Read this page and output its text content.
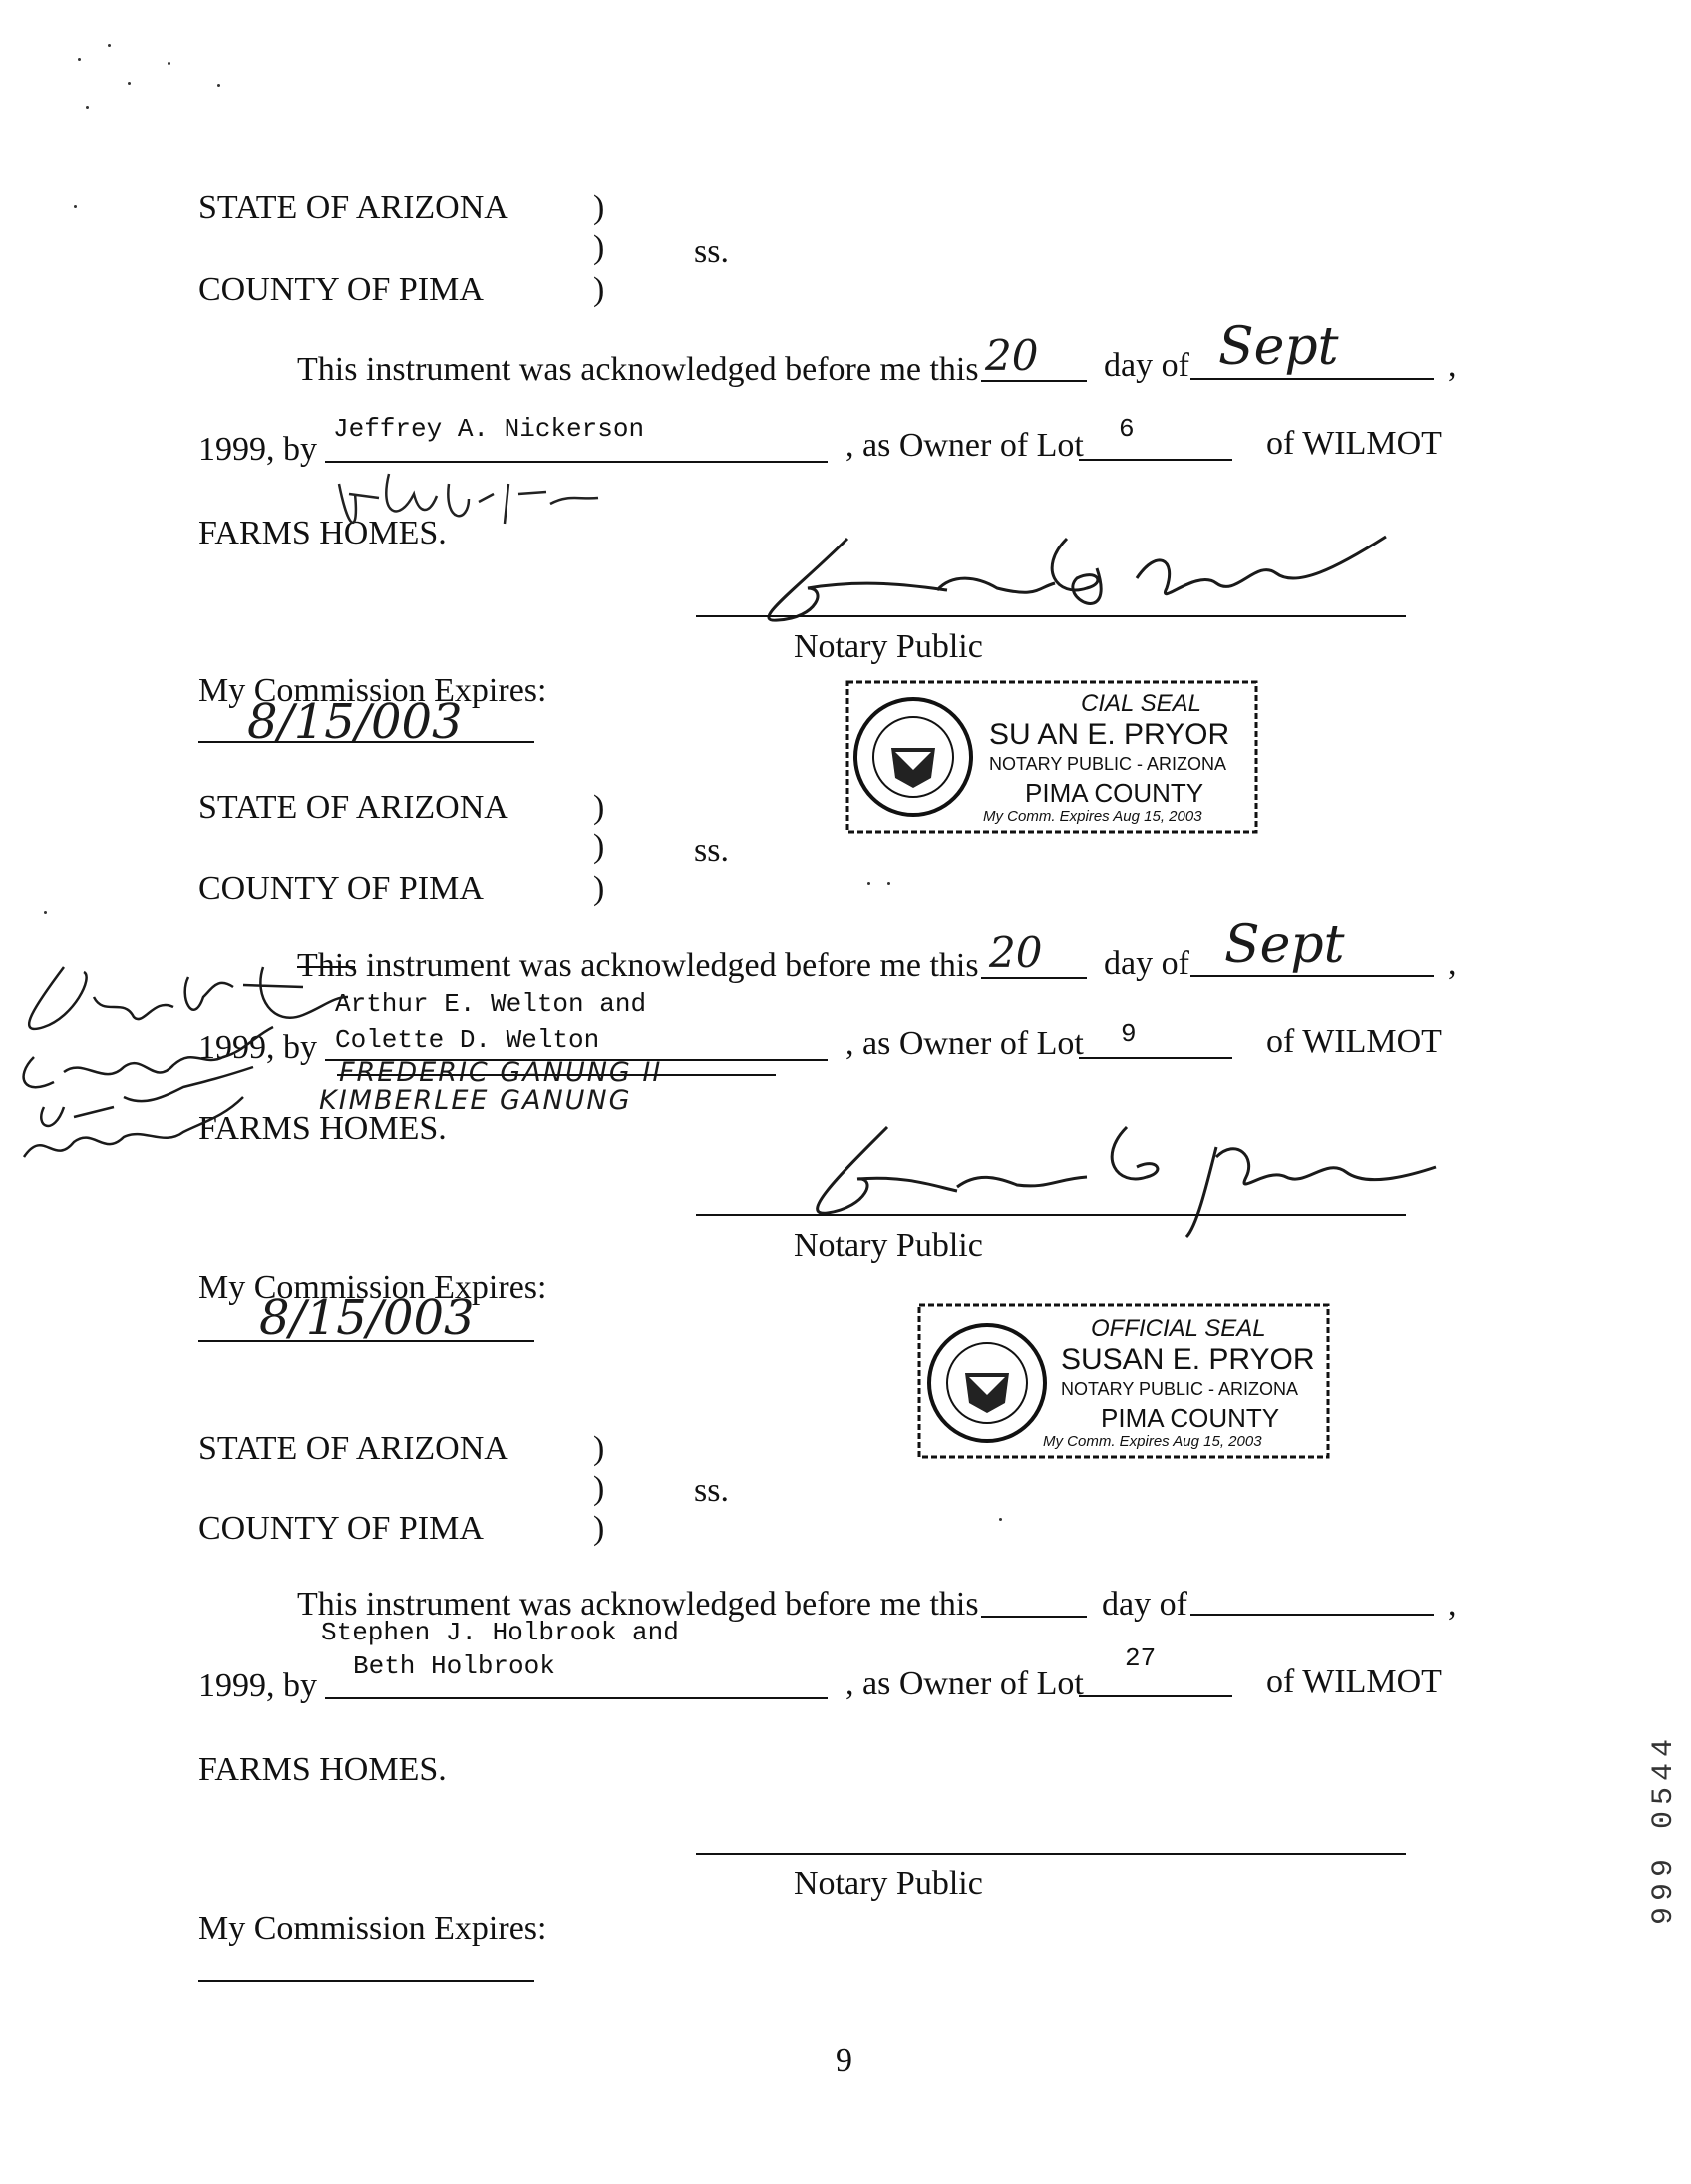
STATE OF ARIZONA	)
)	ss.
COUNTY OF PIMA	)
This instrument was acknowledged before me this 20 day of Sept	,
1999, by
Jeffrey A. Nickerson	, as Owner of Lot 6	of WILMOT
FARMS HOMES.
Notary Public
My Commission Expires:
8/15/003	CIAL SEAL
SU AN E. PRYOR
NOTARY PUBLIC - ARIZONA
PIMA COUNTY
My Comm. Expires Aug 15, 2003
STATE OF ARIZONA	)
)	ss.
COUNTY OF PIMA	)
This instrument was acknowledged before me this 20 day of Sept	,
1999, by
Arthur E. Welton and
Colette D. Welton	, as Owner of Lot 9	of WILMOT
FREDERIC GANUNG II
KIMBERLEE GANUNG
FARMS HOMES.
Notary Public
My Commission Expires:
8/15/003	OFFICIAL SEAL
SUSAN E. PRYOR
NOTARY PUBLIC - ARIZONA
PIMA COUNTY
My Comm. Expires Aug 15, 2003
STATE OF ARIZONA	)
)	ss.
COUNTY OF PIMA	)
This instrument was acknowledged before me this	day of	,
1999, by
Stephen J. Holbrook and
Beth Holbrook	, as Owner of Lot
27
of WILMOT
FARMS HOMES.
Notary Public
My Commission Expires:
9
999 0544
